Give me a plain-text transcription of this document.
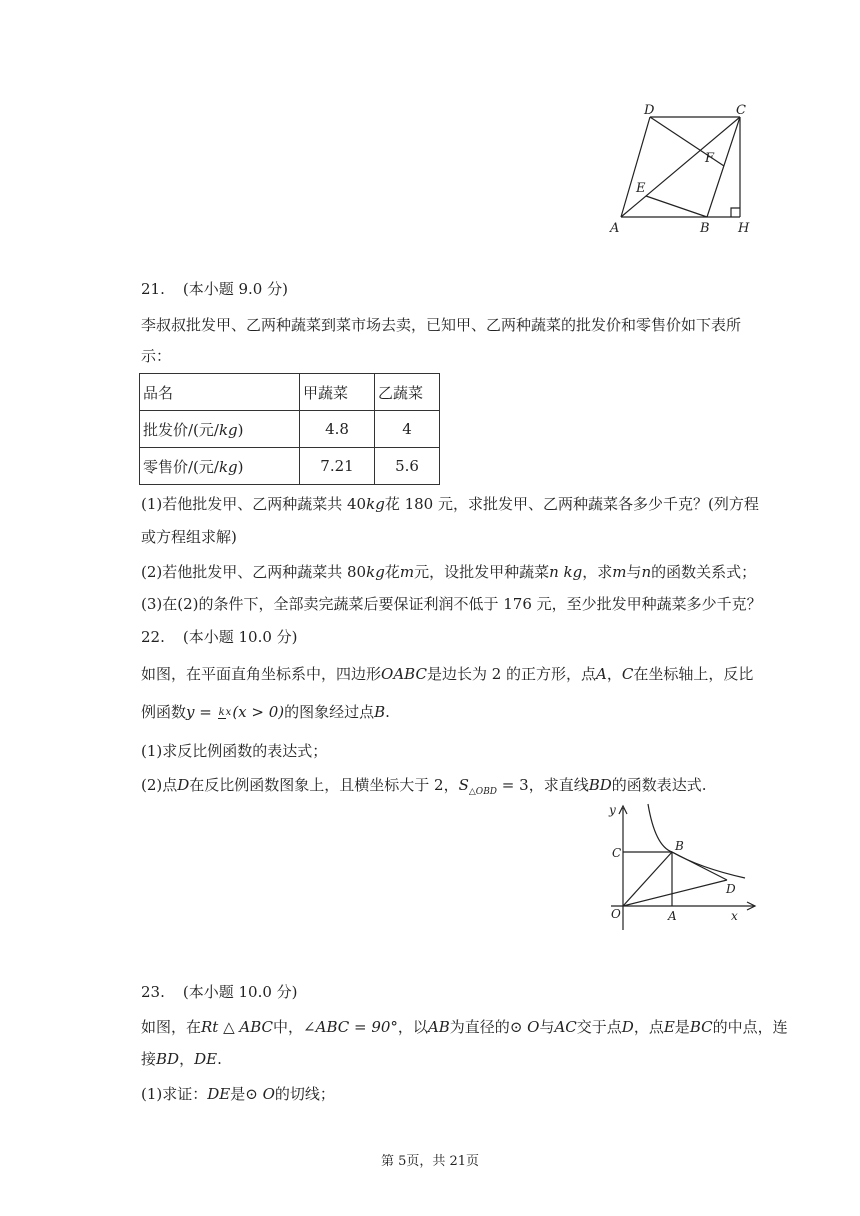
D	C
F
E
A	B H
21. (本小题 9.0 分)
李叔叔批发甲、乙两种蔬菜到菜市场去卖，已知甲、乙两种蔬菜的批发价和零售价如下表所
示：
品名	甲蔬菜	乙蔬菜
批发价/(元/kg)	4.8	4
零售价/(元/kg)	7.21	5.6
(1)若他批发甲、乙两种蔬菜共 40kg花 180 元，求批发甲、乙两种蔬菜各多少千克？(列方程
或方程组求解)
(2)若他批发甲、乙两种蔬菜共 80kg花m元，设批发甲种蔬菜n kg，求m与n的函数关系式；
(3)在(2)的条件下，全部卖完蔬菜后要保证利润不低于 176 元，至少批发甲种蔬菜多少千克？
22. (本小题 10.0 分)
如图，在平面直角坐标系中，四边形OABC是边长为 2 的正方形，点A，C在坐标轴上，反比
例函数y = kx(x > 0)的图象经过点B.
(1)求反比例函数的表达式；
(2)点D在反比例函数图象上，且横坐标大于 2，$S_{\triangle OBD} = 3$，求直线BD的函数表达式.
y
x
O	A
B
C
D
23. (本小题 10.0 分)
如图，在Rt △ ABC中，∠ABC = 90°，以AB为直径的⊙ O与AC交于点D，点E是BC的中点，连
接BD，DE.
(1)求证：DE是⊙ O的切线；
第 5页，共 21页
